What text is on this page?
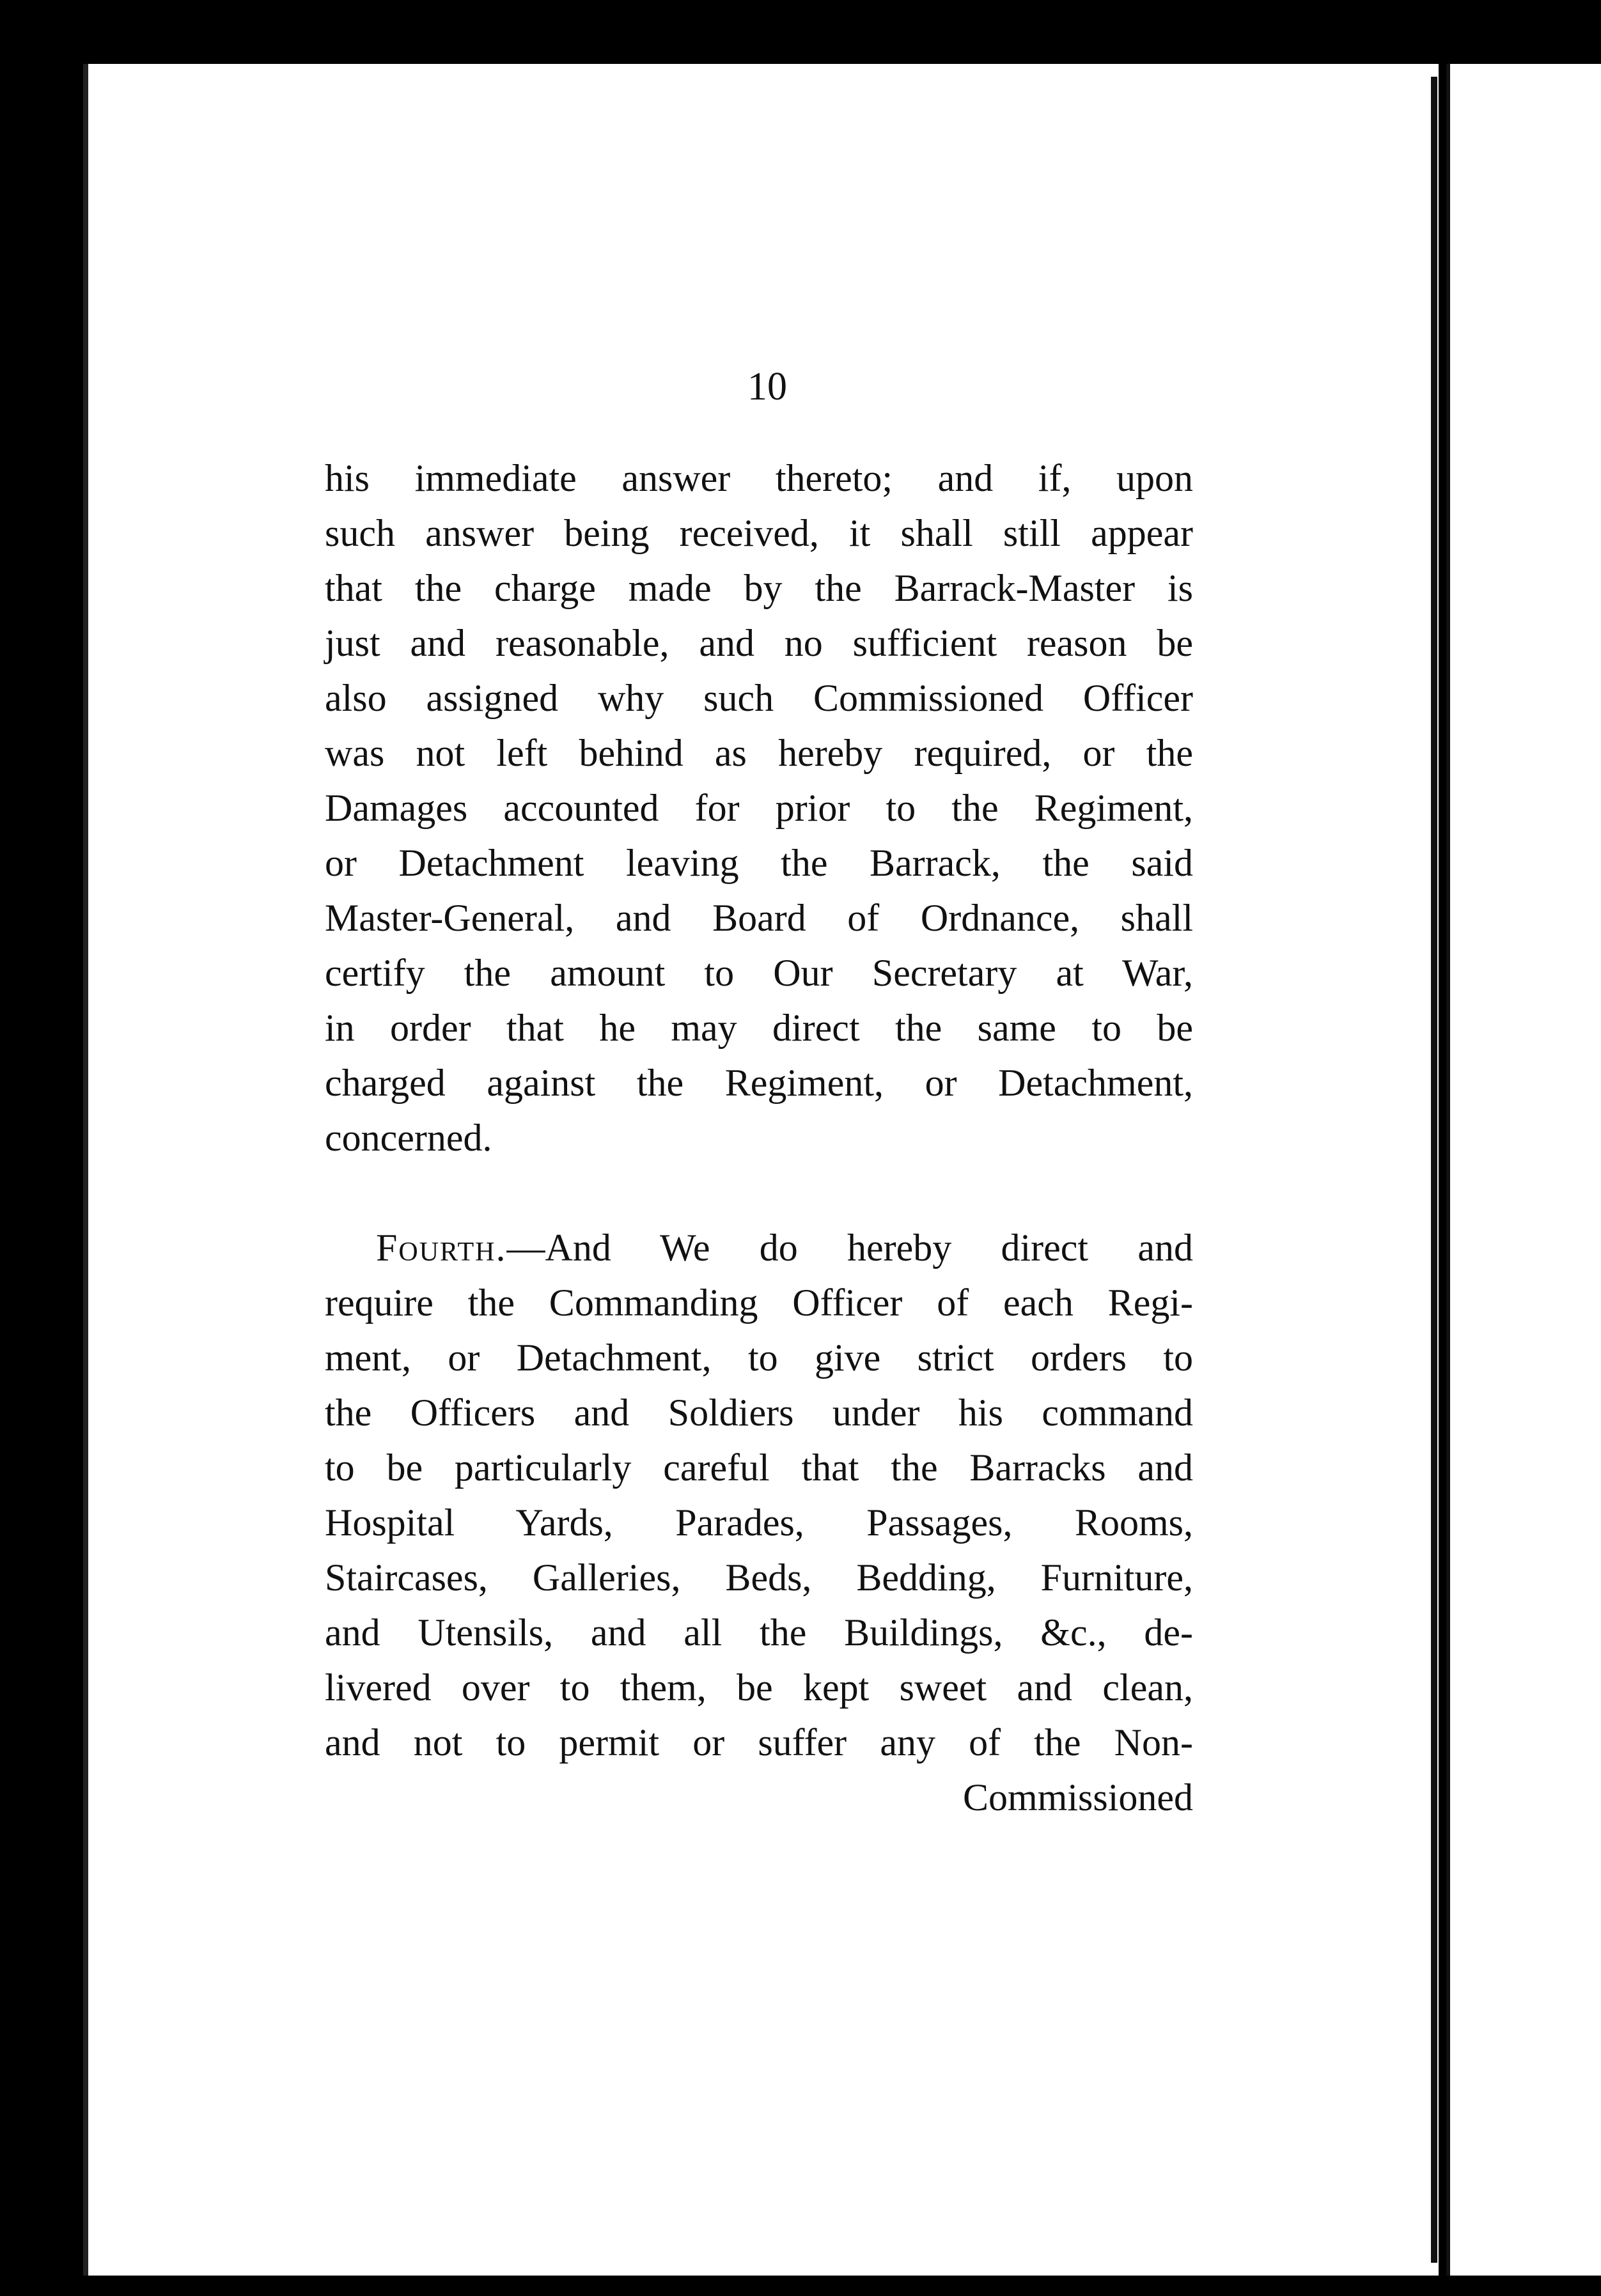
10
his immediate answer thereto; and if, upon
such answer being received, it shall still appear
that the charge made by the Barrack-Master is
just and reasonable, and no sufficient reason be
also assigned why such Commissioned Officer
was not left behind as hereby required, or the
Damages accounted for prior to the Regiment,
or Detachment leaving the Barrack, the said
Master-General, and Board of Ordnance, shall
certify the amount to Our Secretary at War,
in order that he may direct the same to be
charged against the Regiment, or Detachment,
concerned.
Fourth.—And We do hereby direct and
require the Commanding Officer of each Regi-
ment, or Detachment, to give strict orders to
the Officers and Soldiers under his command
to be particularly careful that the Barracks and
Hospital Yards, Parades, Passages, Rooms,
Staircases, Galleries, Beds, Bedding, Furniture,
and Utensils, and all the Buildings, &c., de-
livered over to them, be kept sweet and clean,
and not to permit or suffer any of the Non-
Commissioned
